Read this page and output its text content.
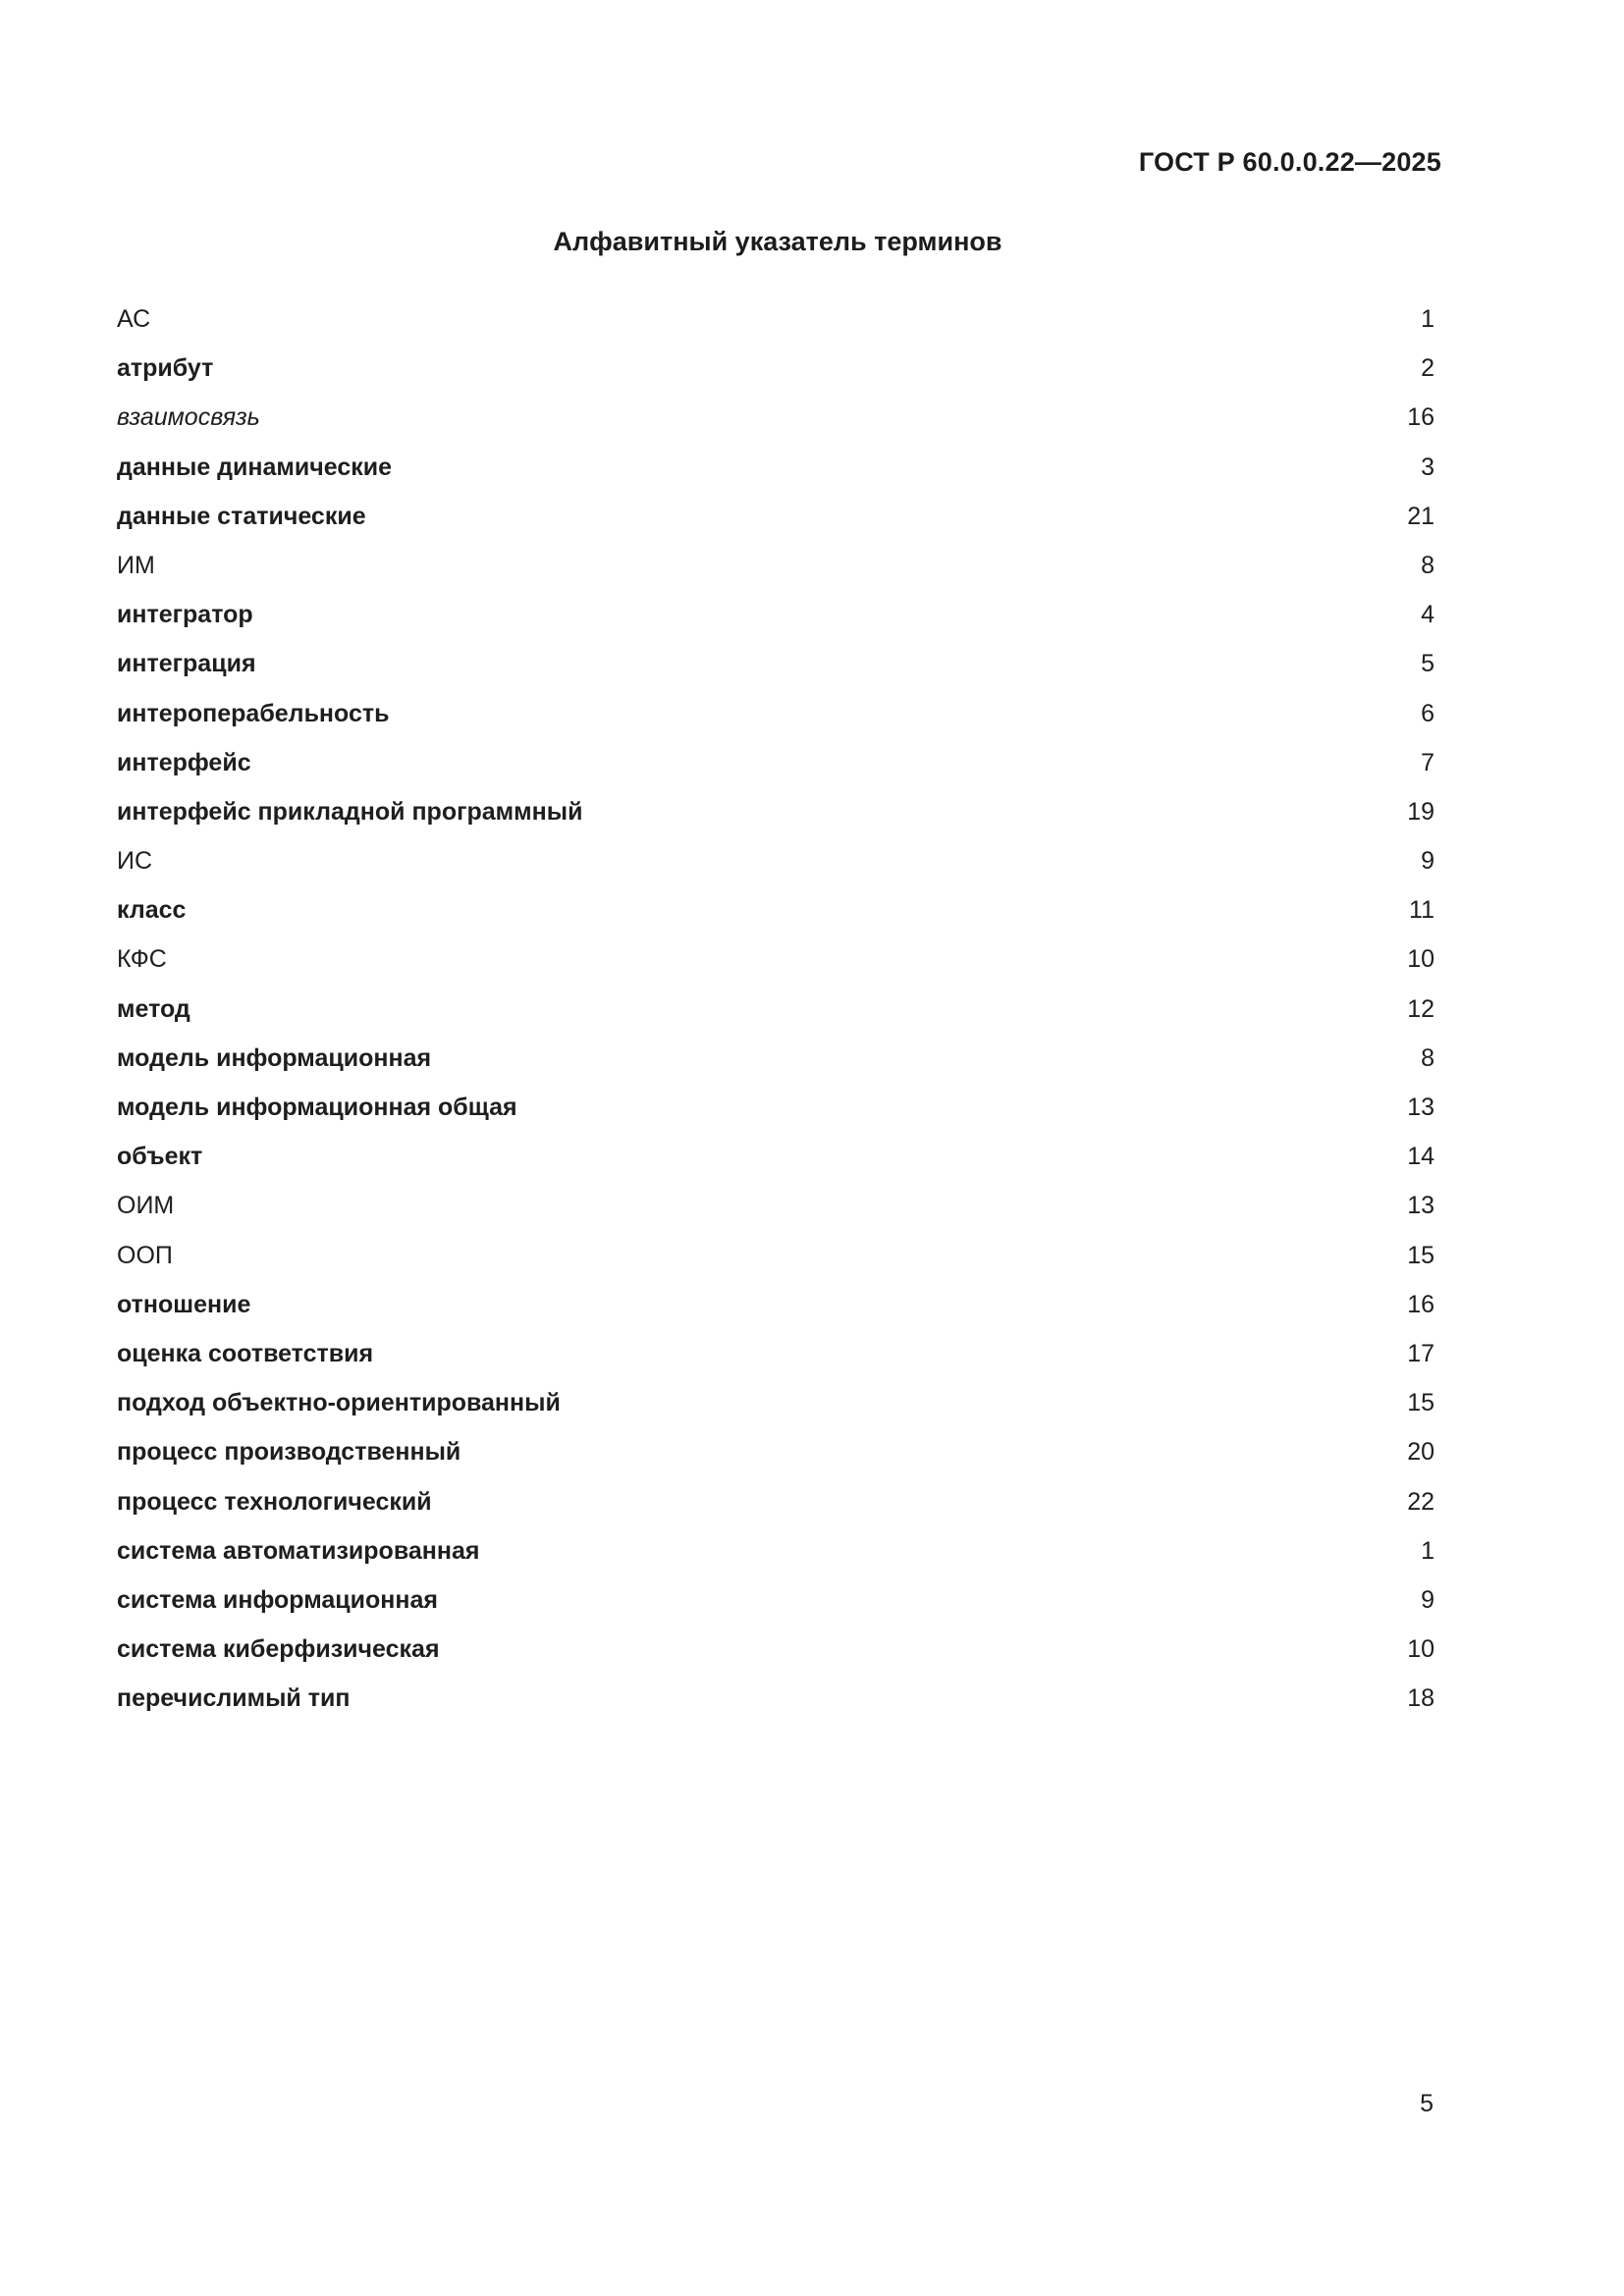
ГОСТ Р 60.0.0.22—2025
Алфавитный указатель терминов
АС	1
атрибут	2
взаимосвязь	16
данные динамические	3
данные статические	21
ИМ	8
интегратор	4
интеграция	5
интероперабельность	6
интерфейс	7
интерфейс прикладной программный	19
ИС	9
класс	11
КФС	10
метод	12
модель информационная	8
модель информационная общая	13
объект	14
ОИМ	13
ООП	15
отношение	16
оценка соответствия	17
подход объектно-ориентированный	15
процесс производственный	20
процесс технологический	22
система автоматизированная	1
система информационная	9
система киберфизическая	10
перечислимый тип	18
5
